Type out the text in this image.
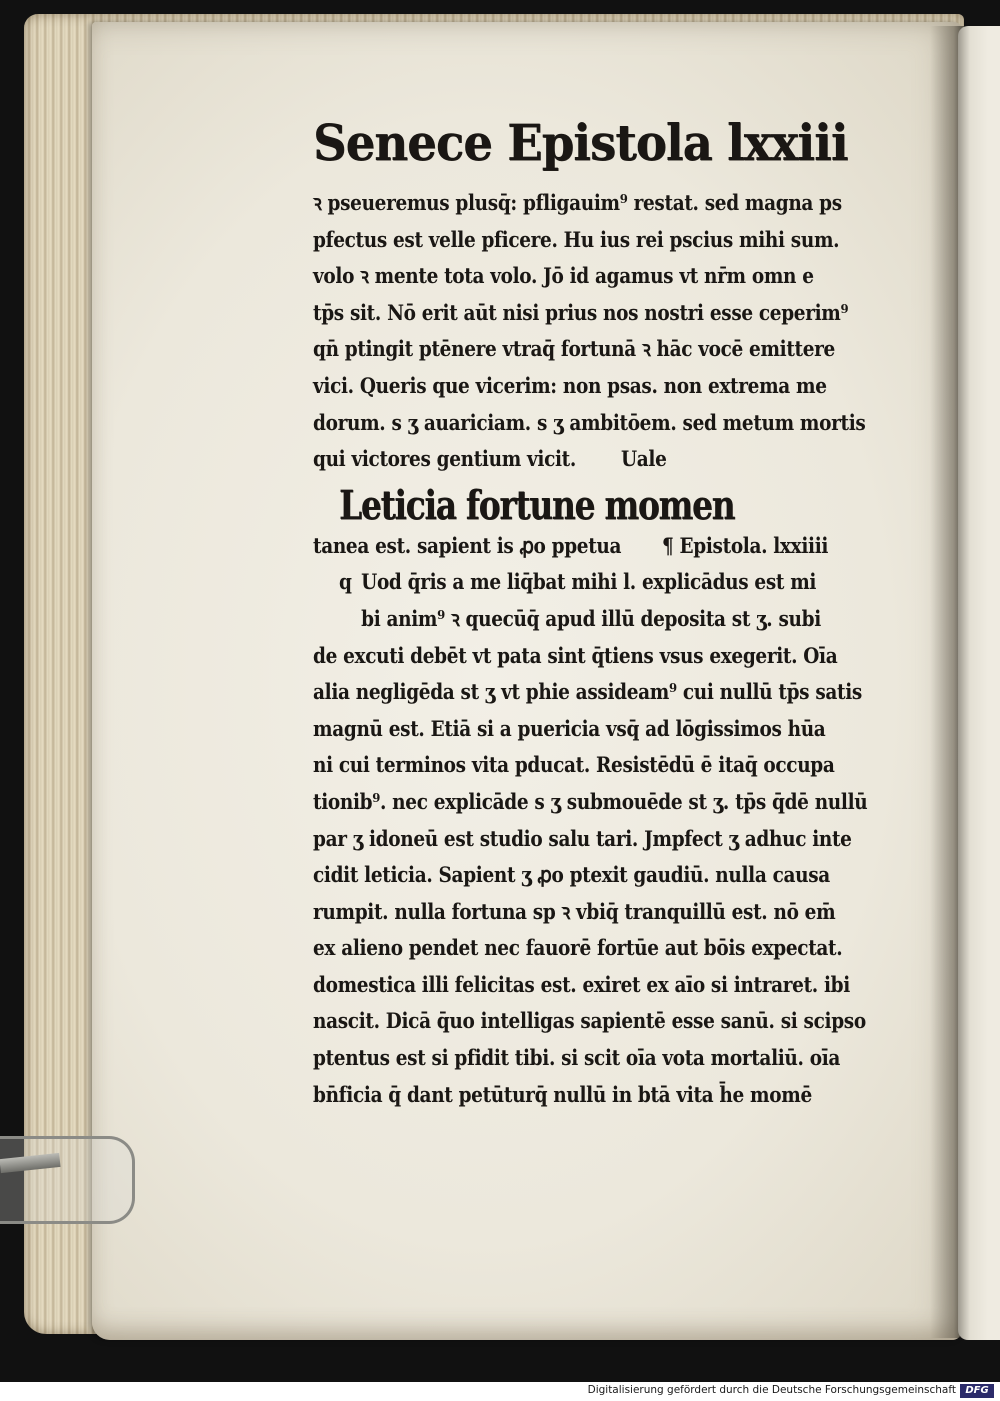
Senece Epistola lxxiii
ꝛ pseueremus plusq̄: pfligauim⁹ restat. sed magna ps
pfectus est velle pficere. Hu ius rei pscius mihi sum.
volo ꝛ mente tota volo. Jō id agamus vt nr̄m omn e
tp̄s sit. Nō erit aūt nisi prius nos nostri esse ceperim⁹
qn̄ ptingit ptēnere vtraq̄ fortunā ꝛ hāc vocē emittere
vici. Queris que vicerim: non psas. non extrema me
dorum. s ʒ auariciam. s ʒ ambitōem. sed metum mortis
qui victores gentium vicit. Uale
Leticia fortune momen
tanea est. sapient is ꝓo ppetua ¶ Epistola. lxxiiii
q Uod q̄ris a me liq̄bat mihi l. explicādus est mi
bi anim⁹ ꝛ quecūq̄ apud illū deposita st ʒ. subi
de excuti debēt vt pata sint q̄tiens vsus exegerit. Oīa
alia negligēda st ʒ vt phie assideam⁹ cui nullū tp̄s satis
magnū est. Etiā si a puericia vsq̄ ad lōgissimos hūa
ni cui terminos vita pducat. Resistēdū ē itaq̄ occupa
tionib⁹. nec explicāde s ʒ submouēde st ʒ. tp̄s q̄dē nullū
par ʒ idoneū est studio salu tari. Jmpfect ʒ adhuc inte
cidit leticia. Sapient ʒ ꝓo ptexit gaudiū. nulla causa
rumpit. nulla fortuna sp ꝛ vbiq̄ tranquillū est. nō em̄
ex alieno pendet nec fauorē fortūe aut bōis expectat.
domestica illi felicitas est. exiret ex aīo si intraret. ibi
nascit. Dicā q̄uo intelligas sapientē esse sanū. si scipso
ptentus est si pfidit tibi. si scit oīa vota mortaliū. oīa
bn̄ficia q̄ dant petūturq̄ nullū in btā vita h̄e momē
Digitalisierung gefördert durch die Deutsche Forschungsgemeinschaft DFG
